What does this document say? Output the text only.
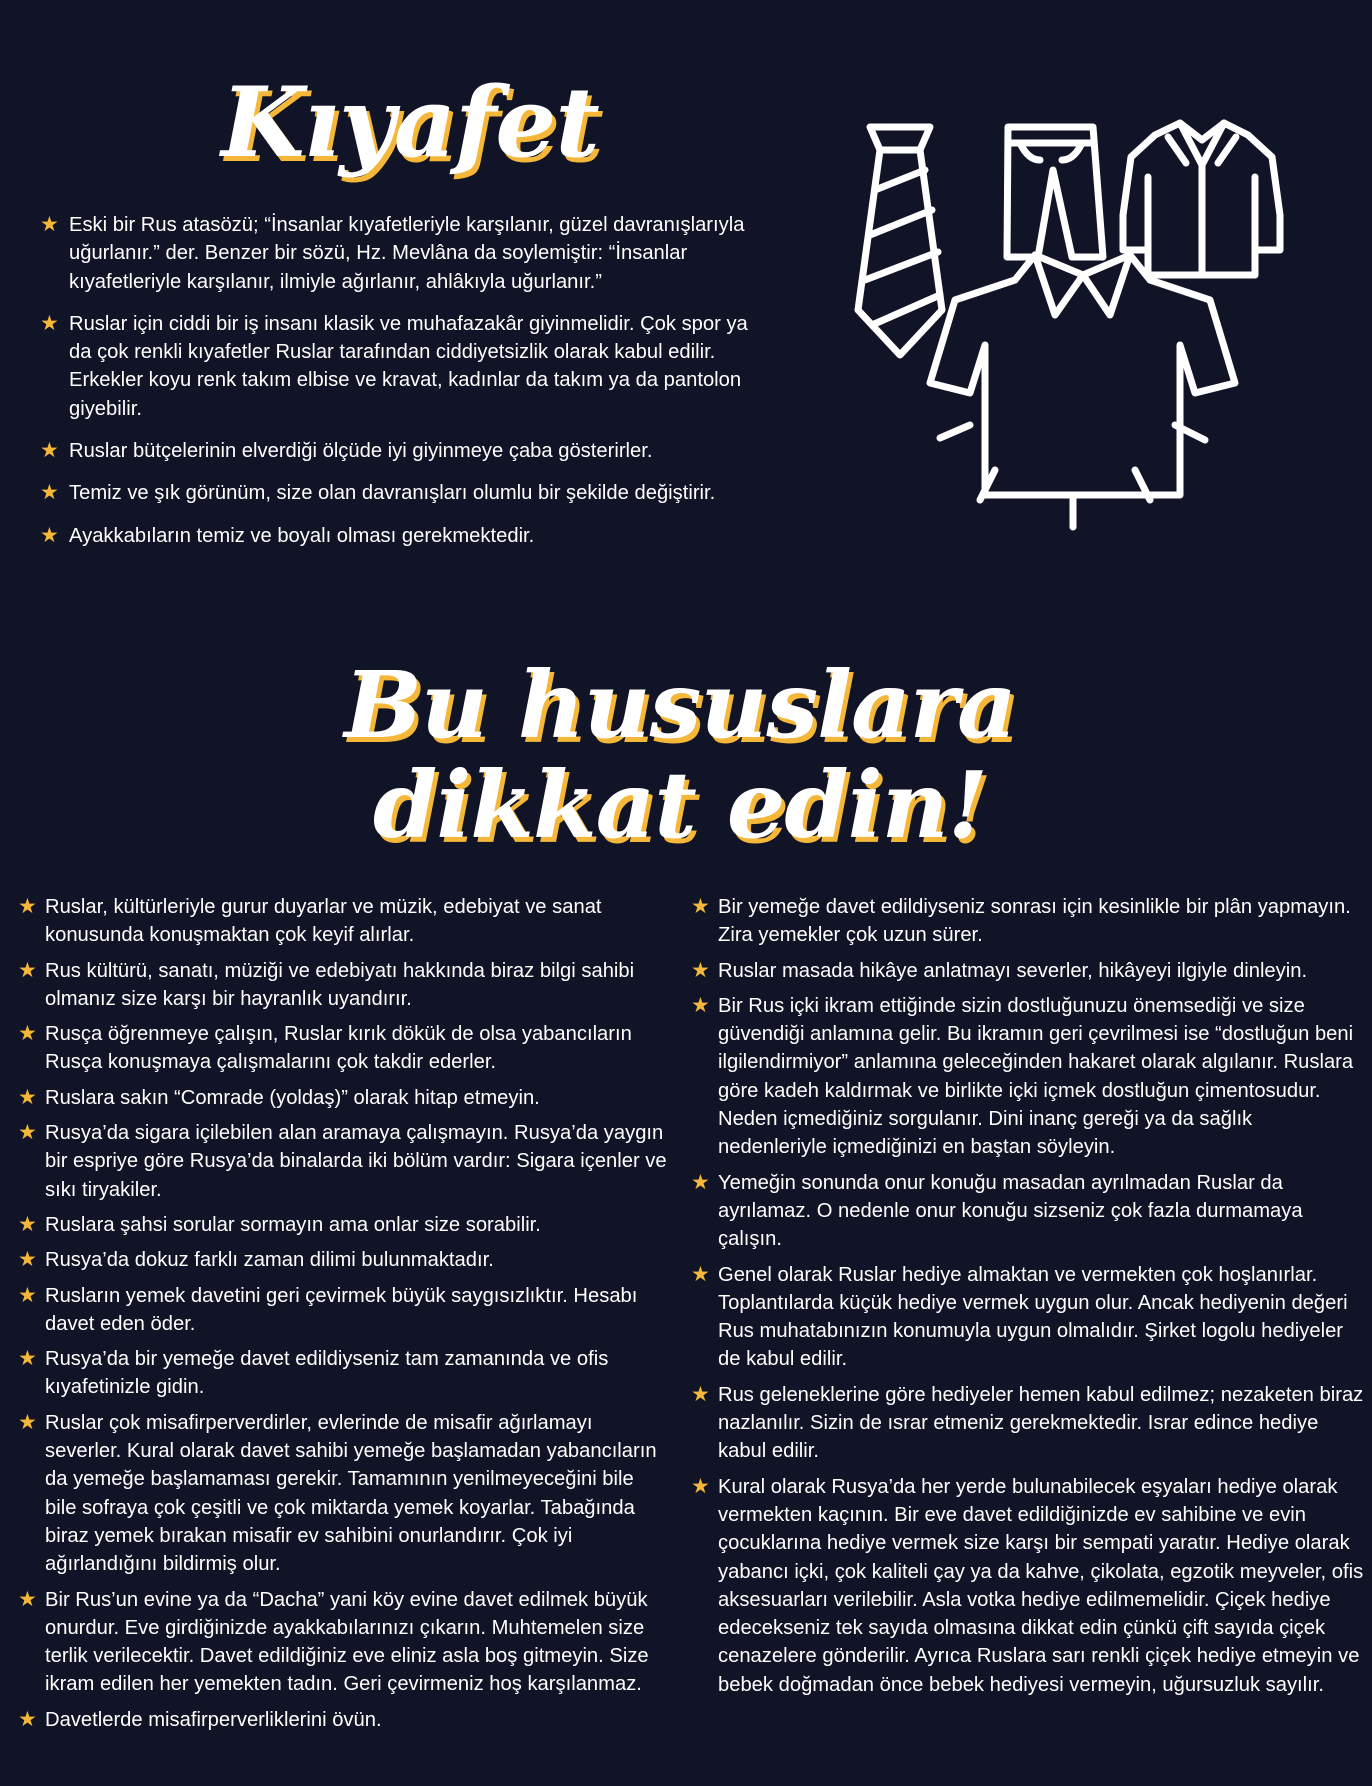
Kıyafet
★ Eski bir Rus atasözü; “İnsanlar kıyafetleriyle karşılanır, güzel davranışlarıyla uğurlanır.” der. Benzer bir sözü, Hz. Mevlâna da soylemiştir: “İnsanlar kıyafetleriyle karşılanır, ilmiyle ağırlanır, ahlâkıyla uğurlanır.”
★ Ruslar için ciddi bir iş insanı klasik ve muhafazakâr giyinmelidir. Çok spor ya da çok renkli kıyafetler Ruslar tarafından ciddiyetsizlik olarak kabul edilir. Erkekler koyu renk takım elbise ve kravat, kadınlar da takım ya da pantolon giyebilir.
★ Ruslar bütçelerinin elverdiği ölçüde iyi giyinmeye çaba gösterirler.
★ Temiz ve şık görünüm, size olan davranışları olumlu bir şekilde değiştirir.
★ Ayakkabıların temiz ve boyalı olması gerekmektedir.
Bu hususlara
dikkat edin!
★ Ruslar, kültürleriyle gurur duyarlar ve müzik, edebiyat ve sanat konusunda konuşmaktan çok keyif alırlar.
★ Rus kültürü, sanatı, müziği ve edebiyatı hakkında biraz bilgi sahibi olmanız size karşı bir hayranlık uyandırır.
★ Rusça öğrenmeye çalışın, Ruslar kırık dökük de olsa yabancıların Rusça konuşmaya çalışmalarını çok takdir ederler.
★ Ruslara sakın “Comrade (yoldaş)” olarak hitap etmeyin.
★ Rusya’da sigara içilebilen alan aramaya çalışmayın. Rusya’da yaygın bir espriye göre Rusya’da binalarda iki bölüm vardır: Sigara içenler ve sıkı tiryakiler.
★ Ruslara şahsi sorular sormayın ama onlar size sorabilir.
★ Rusya’da dokuz farklı zaman dilimi bulunmaktadır.
★ Rusların yemek davetini geri çevirmek büyük saygısızlıktır. Hesabı davet eden öder.
★ Rusya’da bir yemeğe davet edildiyseniz tam zamanında ve ofis kıyafetinizle gidin.
★ Ruslar çok misafirperverdirler, evlerinde de misafir ağırlamayı severler. Kural olarak davet sahibi yemeğe başlamadan yabancıların da yemeğe başlamaması gerekir. Tamamının yenilmeyeceğini bile bile sofraya çok çeşitli ve çok miktarda yemek koyarlar. Tabağında biraz yemek bırakan misafir ev sahibini onurlandırır. Çok iyi ağırlandığını bildirmiş olur.
★ Bir Rus’un evine ya da “Dacha” yani köy evine davet edilmek büyük onurdur. Eve girdiğinizde ayakkabılarınızı çıkarın. Muhtemelen size terlik verilecektir. Davet edildiğiniz eve eliniz asla boş gitmeyin. Size ikram edilen her yemekten tadın. Geri çevirmeniz hoş karşılanmaz.
★ Davetlerde misafirperverliklerini övün.
★ Bir yemeğe davet edildiyseniz sonrası için kesinlikle bir plân yapmayın. Zira yemekler çok uzun sürer.
★ Ruslar masada hikâye anlatmayı severler, hikâyeyi ilgiyle dinleyin.
★ Bir Rus içki ikram ettiğinde sizin dostluğunuzu önemsediği ve size güvendiği anlamına gelir. Bu ikramın geri çevrilmesi ise “dostluğun beni ilgilendirmiyor” anlamına geleceğinden hakaret olarak algılanır. Ruslara göre kadeh kaldırmak ve birlikte içki içmek dostluğun çimentosudur. Neden içmediğiniz sorgulanır. Dini inanç gereği ya da sağlık nedenleriyle içmediğinizi en baştan söyleyin.
★ Yemeğin sonunda onur konuğu masadan ayrılmadan Ruslar da ayrılamaz. O nedenle onur konuğu sizseniz çok fazla durmamaya çalışın.
★ Genel olarak Ruslar hediye almaktan ve vermekten çok hoşlanırlar. Toplantılarda küçük hediye vermek uygun olur. Ancak hediyenin değeri Rus muhatabınızın konumuyla uygun olmalıdır. Şirket logolu hediyeler de kabul edilir.
★ Rus geleneklerine göre hediyeler hemen kabul edilmez; nezaketen biraz nazlanılır. Sizin de ısrar etmeniz gerekmektedir. Israr edince hediye kabul edilir.
★ Kural olarak Rusya’da her yerde bulunabilecek eşyaları hediye olarak vermekten kaçının. Bir eve davet edildiğinizde ev sahibine ve evin çocuklarına hediye vermek size karşı bir sempati yaratır. Hediye olarak yabancı içki, çok kaliteli çay ya da kahve, çikolata, egzotik meyveler, ofis aksesuarları verilebilir. Asla votka hediye edilmemelidir. Çiçek hediye edecekseniz tek sayıda olmasına dikkat edin çünkü çift sayıda çiçek cenazelere gönderilir. Ayrıca Ruslara sarı renkli çiçek hediye etmeyin ve bebek doğmadan önce bebek hediyesi vermeyin, uğursuzluk sayılır.
